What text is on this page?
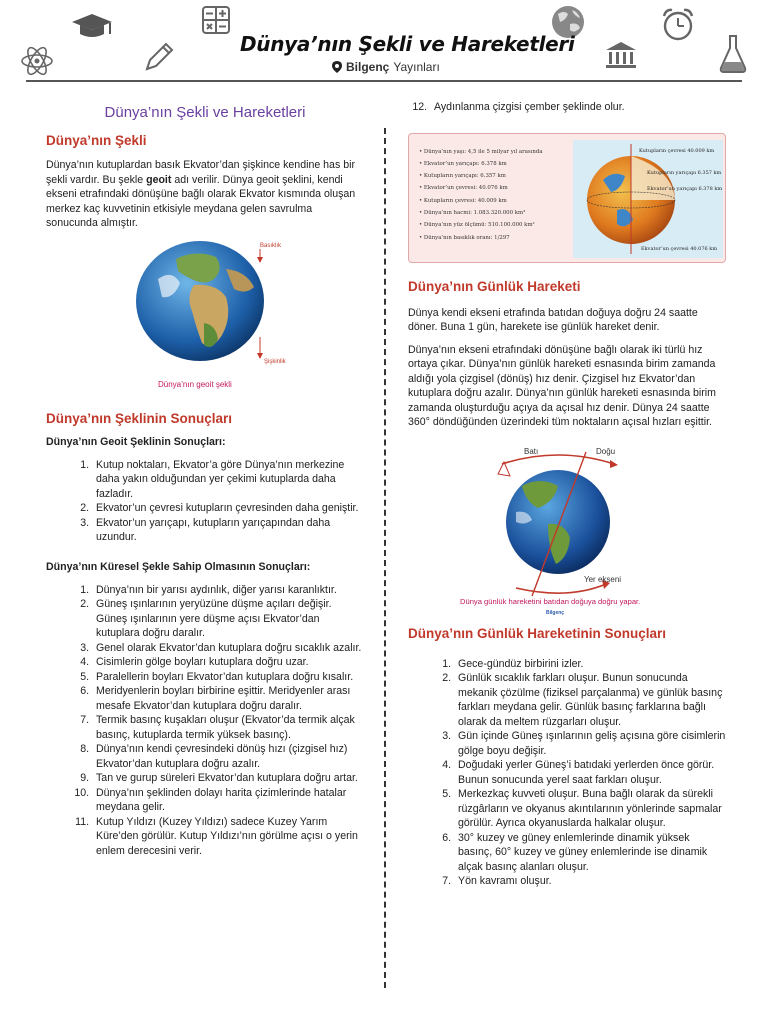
Dünya’nın Şekli ve Hareketleri
Bilgenç Yayınları
Dünya’nın Şekli ve Hareketleri
Dünya’nın Şekli

Dünya’nın kutuplardan basık Ekvator’dan şişkince kendine has bir şekli vardır. Bu şekle geoit adı verilir. Dünya geoit şeklini, kendi ekseni etrafındaki dönüşüne bağlı olarak Ekvator kısmında oluşan merkez kaç kuvvetinin etkisiyle meydana gelen savrulma sonucunda almıştır.

Basıklık
Şişkinlik
Dünya’nın geoit şekli
Dünya’nın Şeklinin Sonuçları

Dünya’nın Geoit Şeklinin Sonuçları:

1. Kutup noktaları, Ekvator’a göre Dünya’nın merkezine daha yakın olduğundan yer çekimi kutuplarda daha fazladır.
2. Ekvator’un çevresi kutupların çevresinden daha geniştir.
3. Ekvator’un yarıçapı, kutupların yarıçapından daha uzundur.

Dünya’nın Küresel Şekle Sahip Olmasının Sonuçları:

1. Dünya’nın bir yarısı aydınlık, diğer yarısı karanlıktır.
2. Güneş ışınlarının yeryüzüne düşme açıları değişir. Güneş ışınlarının yere düşme açısı Ekvator’dan kutuplara doğru daralır.
3. Genel olarak Ekvator’dan kutuplara doğru sıcaklık azalır.
4. Cisimlerin gölge boyları kutuplara doğru uzar.
5. Paralellerin boyları Ekvator’dan kutuplara doğru kısalır.
6. Meridyenlerin boyları birbirine eşittir. Meridyenler arası mesafe Ekvator’dan kutuplara doğru daralır.
7. Termik basınç kuşakları oluşur (Ekvator’da termik alçak basınç, kutuplarda termik yüksek basınç).
8. Dünya’nın kendi çevresindeki dönüş hızı (çizgisel hız) Ekvator’dan kutuplara doğru azalır.
9. Tan ve gurup süreleri Ekvator’dan kutuplara doğru artar.
10. Dünya’nın şeklinden dolayı harita çizimlerinde hatalar meydana gelir.
11. Kutup Yıldızı (Kuzey Yıldızı) sadece Kuzey Yarım Küre’den görülür. Kutup Yıldızı’nın görülme açısı o yerin enlem derecesini verir.
12. Aydınlanma çizgisi çember şeklinde olur.
• Dünya’nın yaşı: 4,5 ile 5 milyar yıl arasında
• Ekvator’un yarıçapı: 6.378 km
• Kutupların yarıçapı: 6.357 km
• Ekvator’un çevresi: 40.076 km
• Kutupların çevresi: 40.009 km
• Dünya’nın hacmi: 1.083.320.000 km³
• Dünya’nın yüz ölçümü: 510.100.000 km²
• Dünya’nın basıklık oranı: 1/297
Kutupların çevresi 40.009 km
Kutupların yarıçapı 6.357 km
Ekvator’un yarıçapı 6.378 km
Ekvator’un çevresi 40.076 km
Dünya’nın Günlük Hareketi

Dünya kendi ekseni etrafında batıdan doğuya doğru 24 saatte döner. Buna 1 gün, harekete ise günlük hareket denir.

Dünya’nın ekseni etrafındaki dönüşüne bağlı olarak iki türlü hız ortaya çıkar. Dünya’nın günlük hareketi esnasında birim zamanda aldığı yola çizgisel (dönüş) hız denir. Çizgisel hız Ekvator’dan kutuplara doğru azalır. Dünya’nın günlük hareketi esnasında birim zamanda oluşturduğu açıya da açısal hız denir. Dünya 24 saatte 360° döndüğünden üzerindeki tüm noktaların açısal hızları eşittir.

Batı	Doğu
Yer ekseni
Dünya günlük hareketini batıdan doğuya doğru yapar.
Bilgenç
Dünya’nın Günlük Hareketinin Sonuçları
1. Gece-gündüz birbirini izler.
2. Günlük sıcaklık farkları oluşur. Bunun sonucunda mekanik çözülme (fiziksel parçalanma) ve günlük basınç farkları meydana gelir. Günlük basınç farklarına bağlı olarak da meltem rüzgarları oluşur.
3. Gün içinde Güneş ışınlarının geliş açısına göre cisimlerin gölge boyu değişir.
4. Doğudaki yerler Güneş’i batıdaki yerlerden önce görür. Bunun sonucunda yerel saat farkları oluşur.
5. Merkezkaç kuvveti oluşur. Buna bağlı olarak da sürekli rüzgârların ve okyanus akıntılarının yönlerinde sapmalar görülür. Ayrıca okyanuslarda halkalar oluşur.
6. 30° kuzey ve güney enlemlerinde dinamik yüksek basınç, 60° kuzey ve güney enlemlerinde ise dinamik alçak basınç alanları oluşur.
7. Yön kavramı oluşur.
